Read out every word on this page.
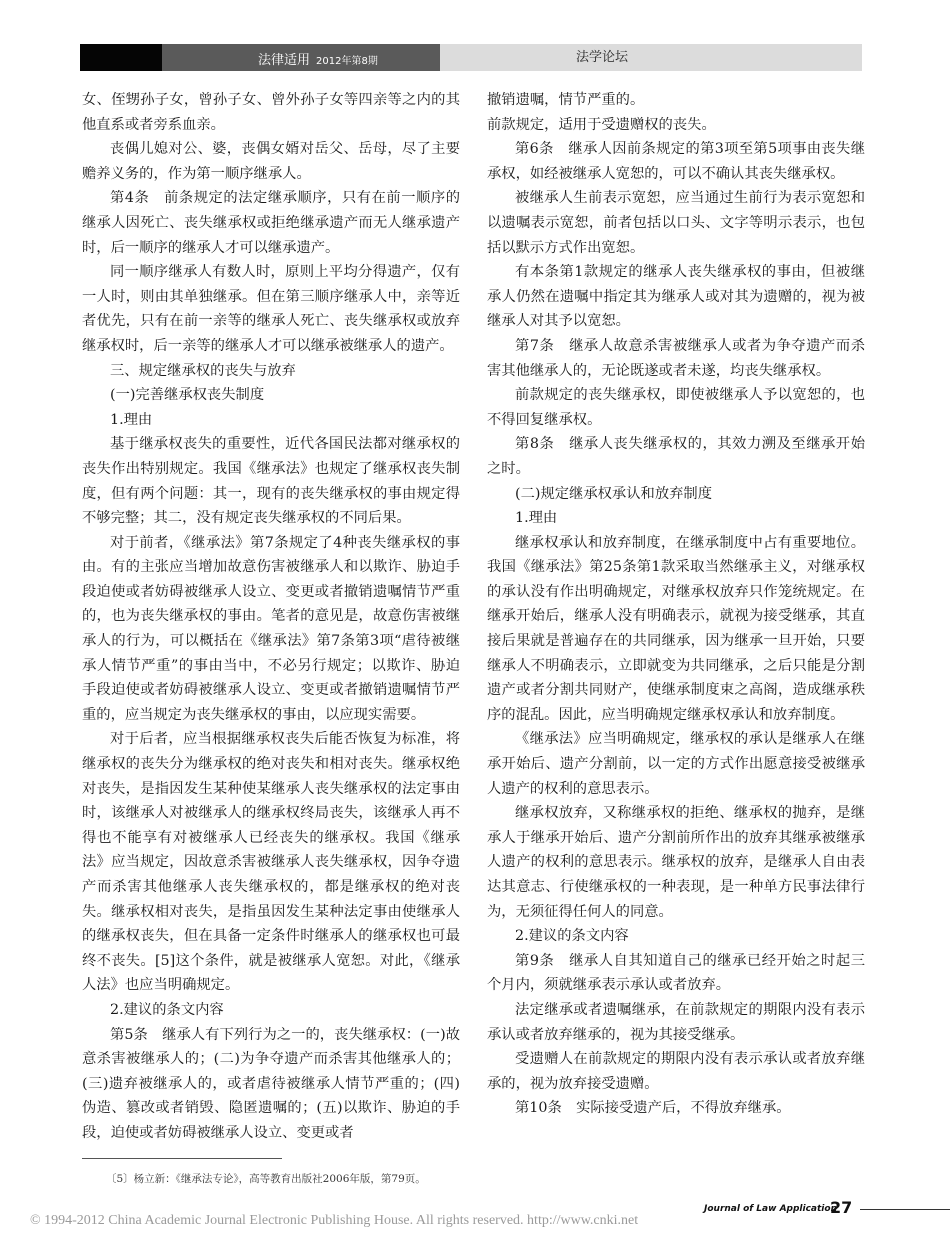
法律适用 2012年第8期	法学论坛

女、侄甥孙子女，曾孙子女、曾外孙子女等四亲等之内的其他直系或者旁系血亲。

丧偶儿媳对公、婆，丧偶女婿对岳父、岳母，尽了主要赡养义务的，作为第一顺序继承人。

第4条　前条规定的法定继承顺序，只有在前一顺序的继承人因死亡、丧失继承权或拒绝继承遗产而无人继承遗产时，后一顺序的继承人才可以继承遗产。

同一顺序继承人有数人时，原则上平均分得遗产，仅有一人时，则由其单独继承。但在第三顺序继承人中，亲等近者优先，只有在前一亲等的继承人死亡、丧失继承权或放弃继承权时，后一亲等的继承人才可以继承被继承人的遗产。

三、规定继承权的丧失与放弃

(一)完善继承权丧失制度

1.理由

基于继承权丧失的重要性，近代各国民法都对继承权的丧失作出特别规定。我国《继承法》也规定了继承权丧失制度，但有两个问题：其一，现有的丧失继承权的事由规定得不够完整；其二，没有规定丧失继承权的不同后果。

对于前者，《继承法》第7条规定了4种丧失继承权的事由。有的主张应当增加故意伤害被继承人和以欺诈、胁迫手段迫使或者妨碍被继承人设立、变更或者撤销遗嘱情节严重的，也为丧失继承权的事由。笔者的意见是，故意伤害被继承人的行为，可以概括在《继承法》第7条第3项“虐待被继承人情节严重”的事由当中，不必另行规定；以欺诈、胁迫手段迫使或者妨碍被继承人设立、变更或者撤销遗嘱情节严重的，应当规定为丧失继承权的事由，以应现实需要。

对于后者，应当根据继承权丧失后能否恢复为标准，将继承权的丧失分为继承权的绝对丧失和相对丧失。继承权绝对丧失，是指因发生某种使某继承人丧失继承权的法定事由时，该继承人对被继承人的继承权终局丧失，该继承人再不得也不能享有对被继承人已经丧失的继承权。我国《继承法》应当规定，因故意杀害被继承人丧失继承权，因争夺遗产而杀害其他继承人丧失继承权的，都是继承权的绝对丧失。继承权相对丧失，是指虽因发生某种法定事由使继承人的继承权丧失，但在具备一定条件时继承人的继承权也可最终不丧失。[5]这个条件，就是被继承人宽恕。对此，《继承人法》也应当明确规定。

2.建议的条文内容

第5条　继承人有下列行为之一的，丧失继承权：(一)故意杀害被继承人的；(二)为争夺遗产而杀害其他继承人的；(三)遗弃被继承人的，或者虐待被继承人情节严重的；(四)伪造、篡改或者销毁、隐匿遗嘱的；(五)以欺诈、胁迫的手段，迫使或者妨碍被继承人设立、变更或者

撤销遗嘱，情节严重的。

前款规定，适用于受遗赠权的丧失。

第6条　继承人因前条规定的第3项至第5项事由丧失继承权，如经被继承人宽恕的，可以不确认其丧失继承权。

被继承人生前表示宽恕，应当通过生前行为表示宽恕和以遗嘱表示宽恕，前者包括以口头、文字等明示表示，也包括以默示方式作出宽恕。

有本条第1款规定的继承人丧失继承权的事由，但被继承人仍然在遗嘱中指定其为继承人或对其为遗赠的，视为被继承人对其予以宽恕。

第7条　继承人故意杀害被继承人或者为争夺遗产而杀害其他继承人的，无论既遂或者未遂，均丧失继承权。

前款规定的丧失继承权，即使被继承人予以宽恕的，也不得回复继承权。

第8条　继承人丧失继承权的，其效力溯及至继承开始之时。

(二)规定继承权承认和放弃制度

1.理由

继承权承认和放弃制度，在继承制度中占有重要地位。我国《继承法》第25条第1款采取当然继承主义，对继承权的承认没有作出明确规定，对继承权放弃只作笼统规定。在继承开始后，继承人没有明确表示，就视为接受继承，其直接后果就是普遍存在的共同继承，因为继承一旦开始，只要继承人不明确表示，立即就变为共同继承，之后只能是分割遗产或者分割共同财产，使继承制度束之高阁，造成继承秩序的混乱。因此，应当明确规定继承权承认和放弃制度。

《继承法》应当明确规定，继承权的承认是继承人在继承开始后、遗产分割前，以一定的方式作出愿意接受被继承人遗产的权利的意思表示。

继承权放弃，又称继承权的拒绝、继承权的抛弃，是继承人于继承开始后、遗产分割前所作出的放弃其继承被继承人遗产的权利的意思表示。继承权的放弃，是继承人自由表达其意志、行使继承权的一种表现，是一种单方民事法律行为，无须征得任何人的同意。

2.建议的条文内容

第9条　继承人自其知道自己的继承已经开始之时起三个月内，须就继承表示承认或者放弃。

法定继承或者遗嘱继承，在前款规定的期限内没有表示承认或者放弃继承的，视为其接受继承。

受遗赠人在前款规定的期限内没有表示承认或者放弃继承的，视为放弃接受遗赠。

第10条　实际接受遗产后，不得放弃继承。

〔5〕杨立新：《继承法专论》，高等教育出版社2006年版，第79页。
Journal of Law Application
27
© 1994-2012 China Academic Journal Electronic Publishing House. All rights reserved. http://www.cnki.net
